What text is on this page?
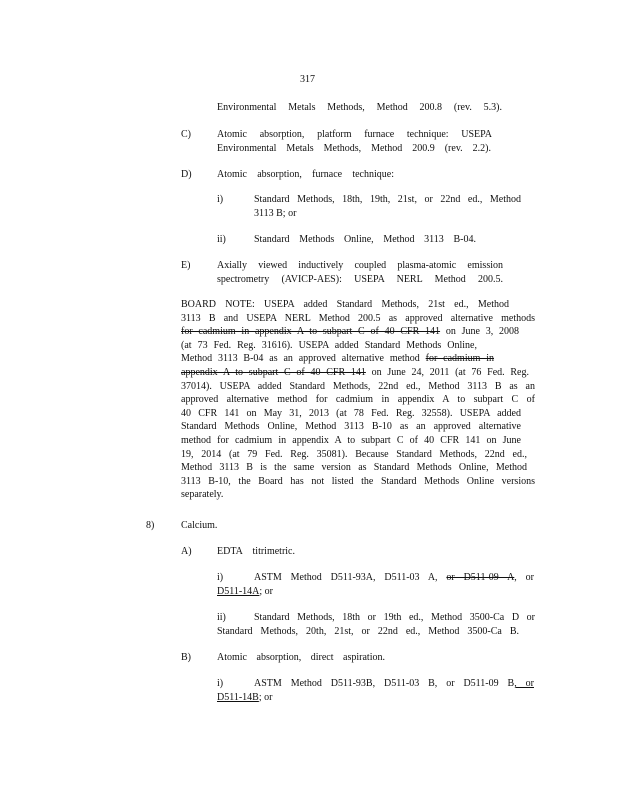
317
Environmental Metals Methods, Method 200.8 (rev. 5.3).
C)	Atomic absorption, platform furnace technique: USEPA
Environmental Metals Methods, Method 200.9 (rev. 2.2).
D)	Atomic absorption, furnace technique:
i)	Standard Methods, 18th, 19th, 21st, or 22nd ed., Method
3113 B; or
ii)	Standard Methods Online, Method 3113 B-04.
E)	Axially viewed inductively coupled plasma-atomic emission
spectrometry (AVICP-AES): USEPA NERL Method 200.5.
BOARD NOTE: USEPA added Standard Methods, 21st ed., Method
3113 B and USEPA NERL Method 200.5 as approved alternative methods
for cadmium in appendix A to subpart C of 40 CFR 141 on June 3, 2008
(at 73 Fed. Reg. 31616). USEPA added Standard Methods Online,
Method 3113 B-04 as an approved alternative method for cadmium in
appendix A to subpart C of 40 CFR 141 on June 24, 2011 (at 76 Fed. Reg.
37014). USEPA added Standard Methods, 22nd ed., Method 3113 B as an
approved alternative method for cadmium in appendix A to subpart C of
40 CFR 141 on May 31, 2013 (at 78 Fed. Reg. 32558). USEPA added
Standard Methods Online, Method 3113 B-10 as an approved alternative
method for cadmium in appendix A to subpart C of 40 CFR 141 on June
19, 2014 (at 79 Fed. Reg. 35081). Because Standard Methods, 22nd ed.,
Method 3113 B is the same version as Standard Methods Online, Method
3113 B-10, the Board has not listed the Standard Methods Online versions
separately.
8)	Calcium.
A)	EDTA titrimetric.
i)	ASTM Method D511-93A, D511-03 A, or D511-09 A, or
D511-14A; or
ii)	Standard Methods, 18th or 19th ed., Method 3500-Ca D or
Standard Methods, 20th, 21st, or 22nd ed., Method 3500-Ca B.
B)	Atomic absorption, direct aspiration.
i)	ASTM Method D511-93B, D511-03 B, or D511-09 B, or
D511-14B; or
